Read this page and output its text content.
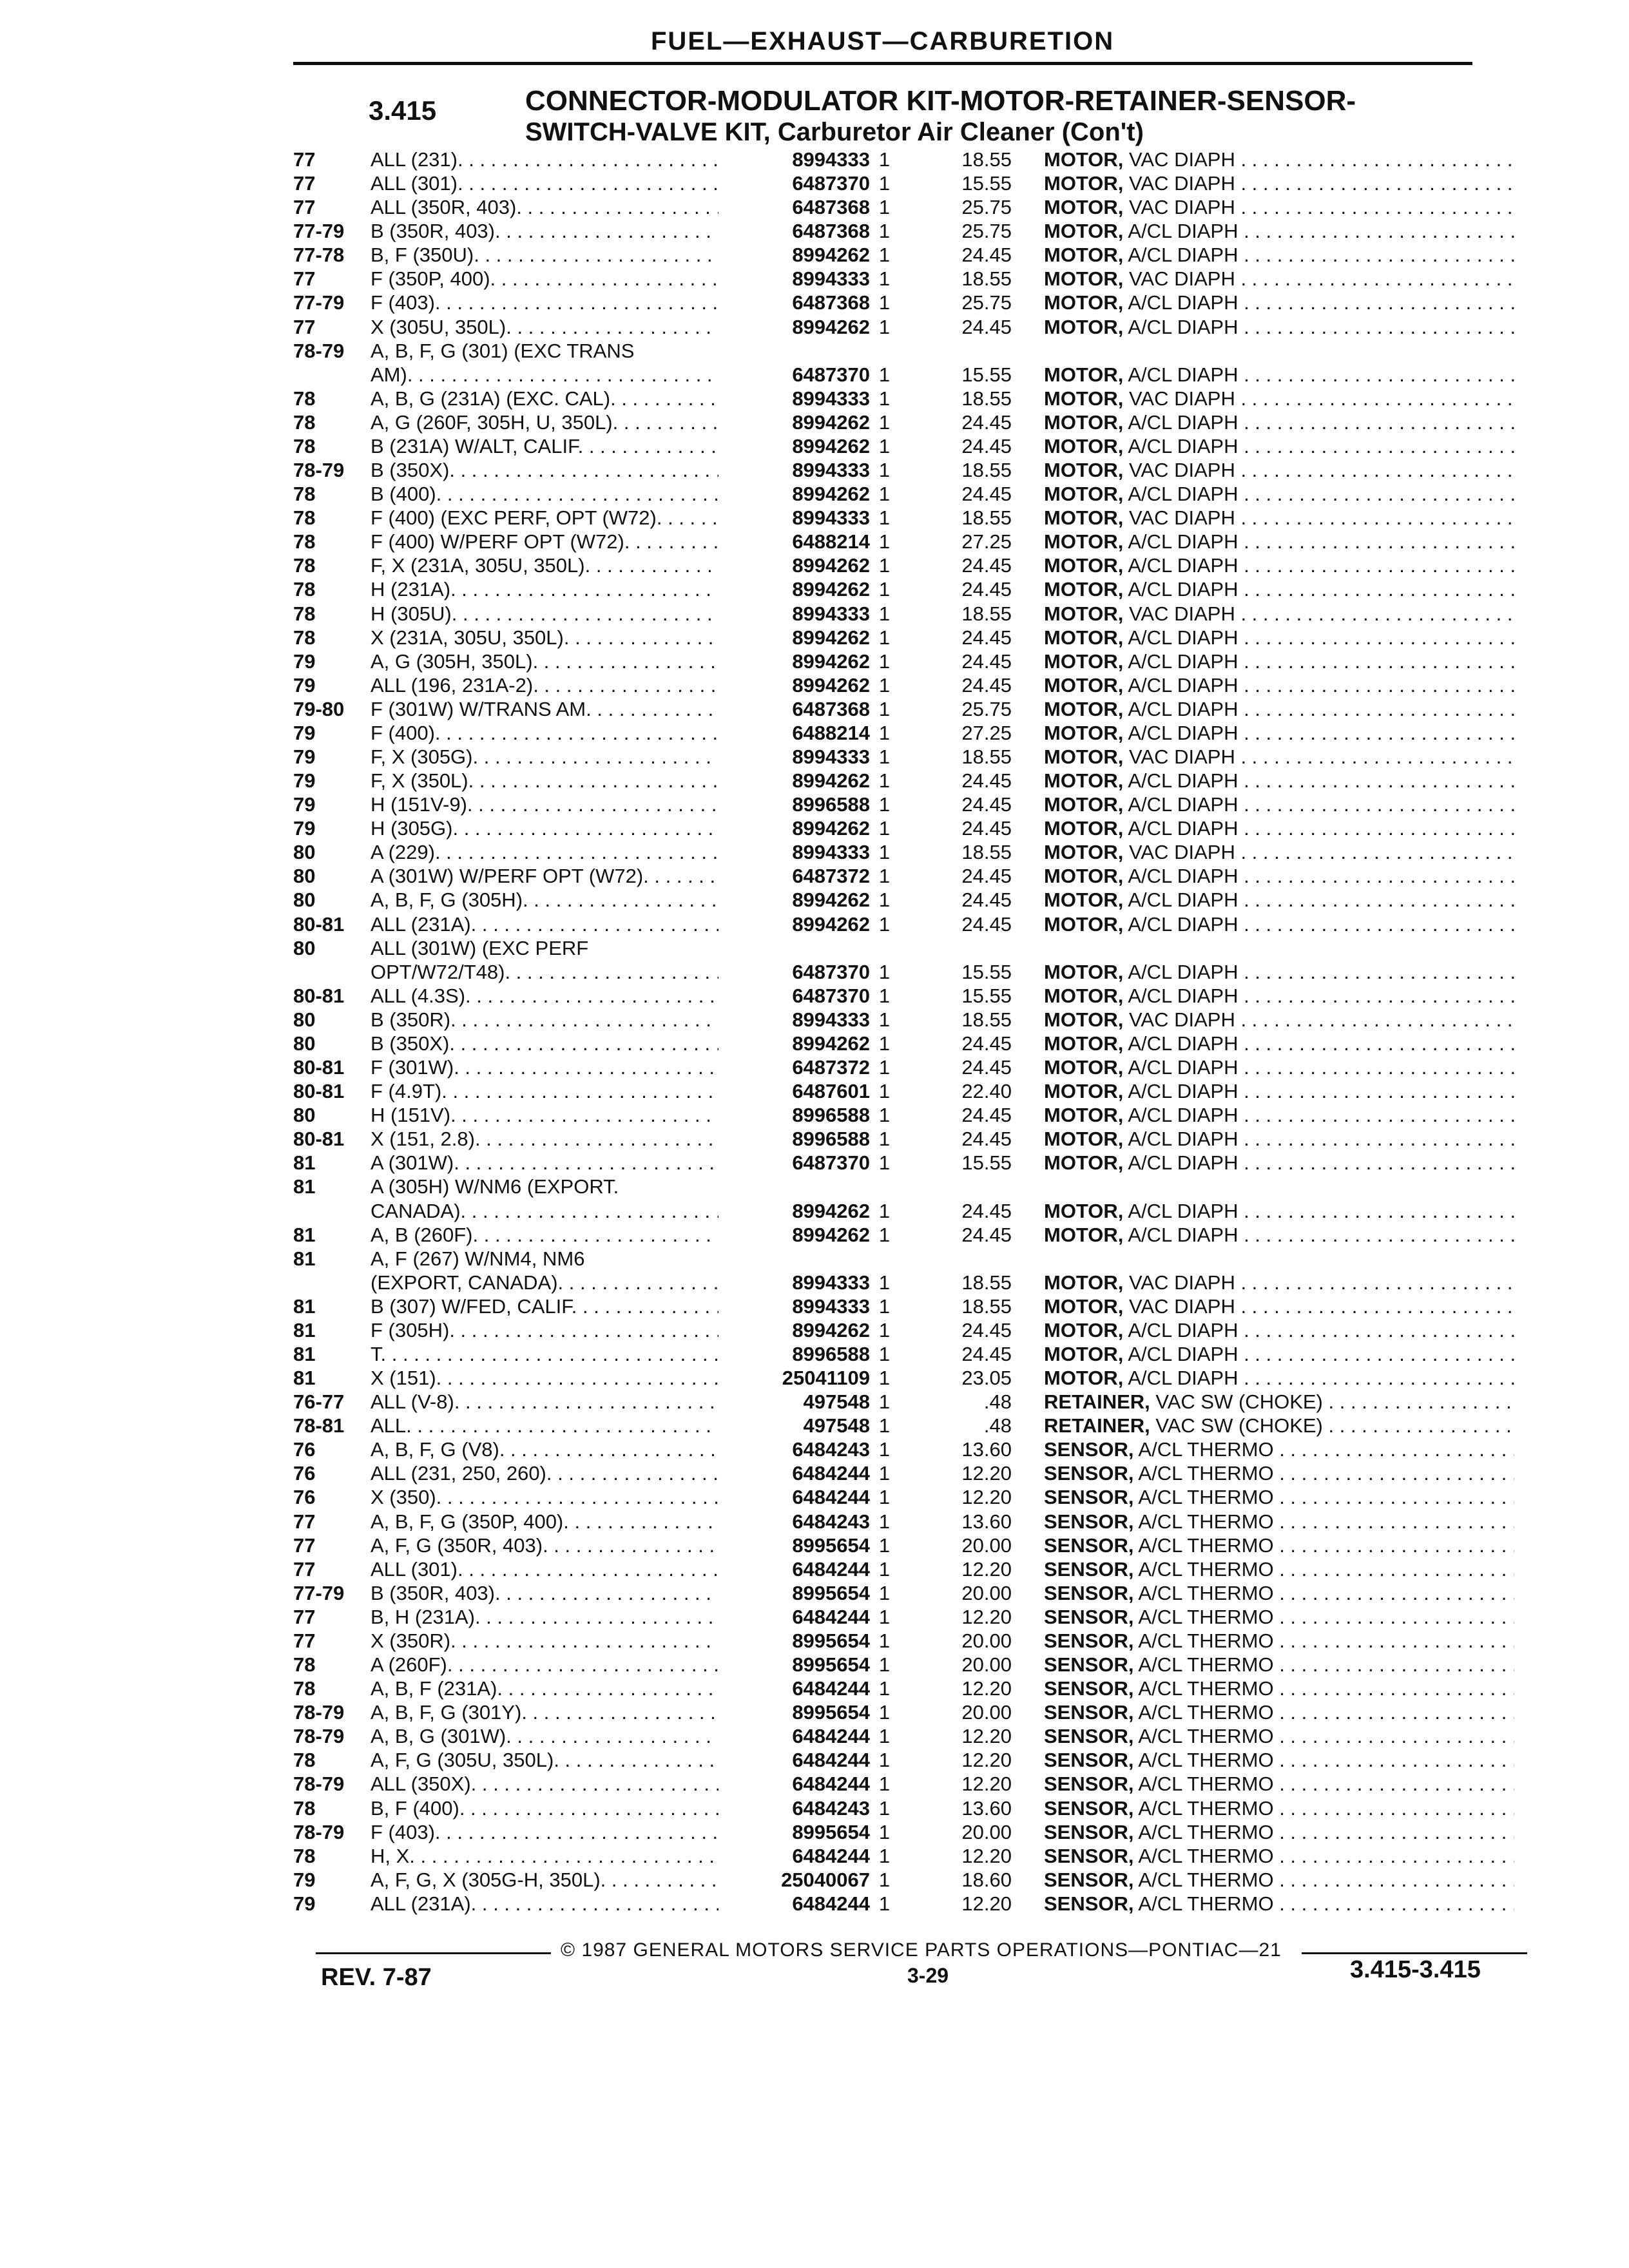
FUEL—EXHAUST—CARBURETION
3.415	CONNECTOR-MODULATOR KIT-MOTOR-RETAINER-SENSOR-
SWITCH-VALVE KIT, Carburetor Air Cleaner (Con't)
77	ALL (231) . . .	8994333 1	18.55 MOTOR, VAC DIAPH . . .
77	ALL (301) . . .	6487370 1	15.55 MOTOR, VAC DIAPH . . .
77	ALL (350R, 403) . . .	6487368 1	25.75 MOTOR, VAC DIAPH . . .
77-79 B (350R, 403) . . .	6487368 1	25.75 MOTOR, A/CL DIAPH . . .
77-78 B, F (350U) . . .	8994262 1	24.45 MOTOR, A/CL DIAPH . . .
77	F (350P, 400) . . .	8994333 1	18.55 MOTOR, VAC DIAPH . . .
77-79 F (403) . . .	6487368 1	25.75 MOTOR, A/CL DIAPH . . .
77	X (305U, 350L) . . .	8994262 1	24.45 MOTOR, A/CL DIAPH . . .
78-79 A, B, F, G (301) (EXC TRANS
AM) . . .	6487370 1	15.55 MOTOR, A/CL DIAPH . . .
78	A, B, G (231A) (EXC. CAL) . . .	8994333 1	18.55 MOTOR, VAC DIAPH . . .
78	A, G (260F, 305H, U, 350L) . . .	8994262 1	24.45 MOTOR, A/CL DIAPH . . .
78	B (231A) W/ALT, CALIF . . .	8994262 1	24.45 MOTOR, A/CL DIAPH . . .
78-79 B (350X) . . .	8994333 1	18.55 MOTOR, VAC DIAPH . . .
78	B (400) . . .	8994262 1	24.45 MOTOR, A/CL DIAPH . . .
78	F (400) (EXC PERF, OPT (W72) . . .	8994333 1	18.55 MOTOR, VAC DIAPH . . .
78	F (400) W/PERF OPT (W72) . . .	6488214 1	27.25 MOTOR, A/CL DIAPH . . .
78	F, X (231A, 305U, 350L) . . .	8994262 1	24.45 MOTOR, A/CL DIAPH . . .
78	H (231A) . . .	8994262 1	24.45 MOTOR, A/CL DIAPH . . .
78	H (305U) . . .	8994333 1	18.55 MOTOR, VAC DIAPH . . .
78	X (231A, 305U, 350L) . . .	8994262 1	24.45 MOTOR, A/CL DIAPH . . .
79	A, G (305H, 350L) . . .	8994262 1	24.45 MOTOR, A/CL DIAPH . . .
79	ALL (196, 231A-2) . . .	8994262 1	24.45 MOTOR, A/CL DIAPH . . .
79-80 F (301W) W/TRANS AM . . .	6487368 1	25.75 MOTOR, A/CL DIAPH . . .
79	F (400) . . .	6488214 1	27.25 MOTOR, A/CL DIAPH . . .
79	F, X (305G) . . .	8994333 1	18.55 MOTOR, VAC DIAPH . . .
79	F, X (350L) . . .	8994262 1	24.45 MOTOR, A/CL DIAPH . . .
79	H (151V-9) . . .	8996588 1	24.45 MOTOR, A/CL DIAPH . . .
79	H (305G) . . .	8994262 1	24.45 MOTOR, A/CL DIAPH . . .
80	A (229) . . .	8994333 1	18.55 MOTOR, VAC DIAPH . . .
80	A (301W) W/PERF OPT (W72) . . .	6487372 1	24.45 MOTOR, A/CL DIAPH . . .
80	A, B, F, G (305H) . . .	8994262 1	24.45 MOTOR, A/CL DIAPH . . .
80-81 ALL (231A) . . .	8994262 1	24.45 MOTOR, A/CL DIAPH . . .
80	ALL (301W) (EXC PERF
OPT/W72/T48) . . .	6487370 1	15.55 MOTOR, A/CL DIAPH . . .
80-81 ALL (4.3S) . . .	6487370 1	15.55 MOTOR, A/CL DIAPH . . .
80	B (350R) . . .	8994333 1	18.55 MOTOR, VAC DIAPH . . .
80	B (350X) . . .	8994262 1	24.45 MOTOR, A/CL DIAPH . . .
80-81 F (301W) . . .	6487372 1	24.45 MOTOR, A/CL DIAPH . . .
80-81 F (4.9T) . . .	6487601 1	22.40 MOTOR, A/CL DIAPH . . .
80	H (151V) . . .	8996588 1	24.45 MOTOR, A/CL DIAPH . . .
80-81 X (151, 2.8) . . .	8996588 1	24.45 MOTOR, A/CL DIAPH . . .
81	A (301W) . . .	6487370 1	15.55 MOTOR, A/CL DIAPH . . .
81	A (305H) W/NM6 (EXPORT.
CANADA) . . .	8994262 1	24.45 MOTOR, A/CL DIAPH . . .
81	A, B (260F) . . .	8994262 1	24.45 MOTOR, A/CL DIAPH . . .
81	A, F (267) W/NM4, NM6
(EXPORT, CANADA) . . .	8994333 1	18.55 MOTOR, VAC DIAPH . . .
81	B (307) W/FED, CALIF . . .	8994333 1	18.55 MOTOR, VAC DIAPH . . .
81	F (305H) . . .	8994262 1	24.45 MOTOR, A/CL DIAPH . . .
81	T . . .	8996588 1	24.45 MOTOR, A/CL DIAPH . . .
81	X (151) . . .	25041109 1	23.05 MOTOR, A/CL DIAPH . . .
76-77 ALL (V-8) . . .	497548 1	.48 RETAINER, VAC SW (CHOKE) . . .
78-81 ALL . . .	497548 1	.48 RETAINER, VAC SW (CHOKE) . . .
76	A, B, F, G (V8) . . .	6484243 1	13.60 SENSOR, A/CL THERMO . . .
76	ALL (231, 250, 260) . . .	6484244 1	12.20 SENSOR, A/CL THERMO . . .
76	X (350) . . .	6484244 1	12.20 SENSOR, A/CL THERMO . . .
77	A, B, F, G (350P, 400) . . .	6484243 1	13.60 SENSOR, A/CL THERMO . . .
77	A, F, G (350R, 403) . . .	8995654 1	20.00 SENSOR, A/CL THERMO . . .
77	ALL (301) . . .	6484244 1	12.20 SENSOR, A/CL THERMO . . .
77-79 B (350R, 403) . . .	8995654 1	20.00 SENSOR, A/CL THERMO . . .
77	B, H (231A) . . .	6484244 1	12.20 SENSOR, A/CL THERMO . . .
77	X (350R) . . .	8995654 1	20.00 SENSOR, A/CL THERMO . . .
78	A (260F) . . .	8995654 1	20.00 SENSOR, A/CL THERMO . . .
78	A, B, F (231A) . . .	6484244 1	12.20 SENSOR, A/CL THERMO . . .
78-79 A, B, F, G (301Y) . . .	8995654 1	20.00 SENSOR, A/CL THERMO . . .
78-79 A, B, G (301W) . . .	6484244 1	12.20 SENSOR, A/CL THERMO . . .
78	A, F, G (305U, 350L) . . .	6484244 1	12.20 SENSOR, A/CL THERMO . . .
78-79 ALL (350X) . . .	6484244 1	12.20 SENSOR, A/CL THERMO . . .
78	B, F (400) . . .	6484243 1	13.60 SENSOR, A/CL THERMO . . .
78-79 F (403) . . .	8995654 1	20.00 SENSOR, A/CL THERMO . . .
78	H, X . . .	6484244 1	12.20 SENSOR, A/CL THERMO . . .
79	A, F, G, X (305G-H, 350L) . . .	25040067 1	18.60 SENSOR, A/CL THERMO . . .
79	ALL (231A) . . .	6484244 1	12.20 SENSOR, A/CL THERMO . . .
© 1987 GENERAL MOTORS SERVICE PARTS OPERATIONS—PONTIAC—21
REV. 7-87	3-29	3.415-3.415
